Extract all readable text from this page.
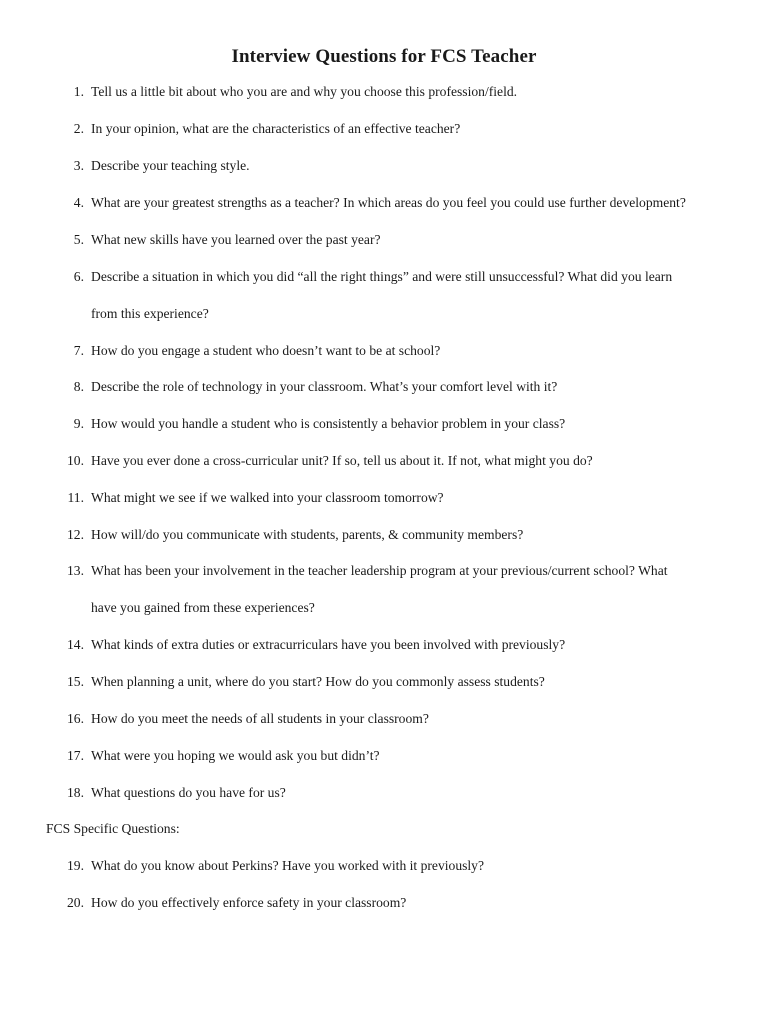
Interview Questions for FCS Teacher
1. Tell us a little bit about who you are and why you choose this profession/field.
2. In your opinion, what are the characteristics of an effective teacher?
3. Describe your teaching style.
4. What are your greatest strengths as a teacher? In which areas do you feel you could use further development?
5. What new skills have you learned over the past year?
6. Describe a situation in which you did “all the right things” and were still unsuccessful? What did you learn
from this experience?
7. How do you engage a student who doesn’t want to be at school?
8. Describe the role of technology in your classroom. What’s your comfort level with it?
9. How would you handle a student who is consistently a behavior problem in your class?
10. Have you ever done a cross-curricular unit? If so, tell us about it. If not, what might you do?
11. What might we see if we walked into your classroom tomorrow?
12. How will/do you communicate with students, parents, & community members?
13. What has been your involvement in the teacher leadership program at your previous/current school? What
have you gained from these experiences?
14. What kinds of extra duties or extracurriculars have you been involved with previously?
15. When planning a unit, where do you start? How do you commonly assess students?
16. How do you meet the needs of all students in your classroom?
17. What were you hoping we would ask you but didn’t?
18. What questions do you have for us?
19. What do you know about Perkins? Have you worked with it previously?
20. How do you effectively enforce safety in your classroom?
FCS Specific Questions:
